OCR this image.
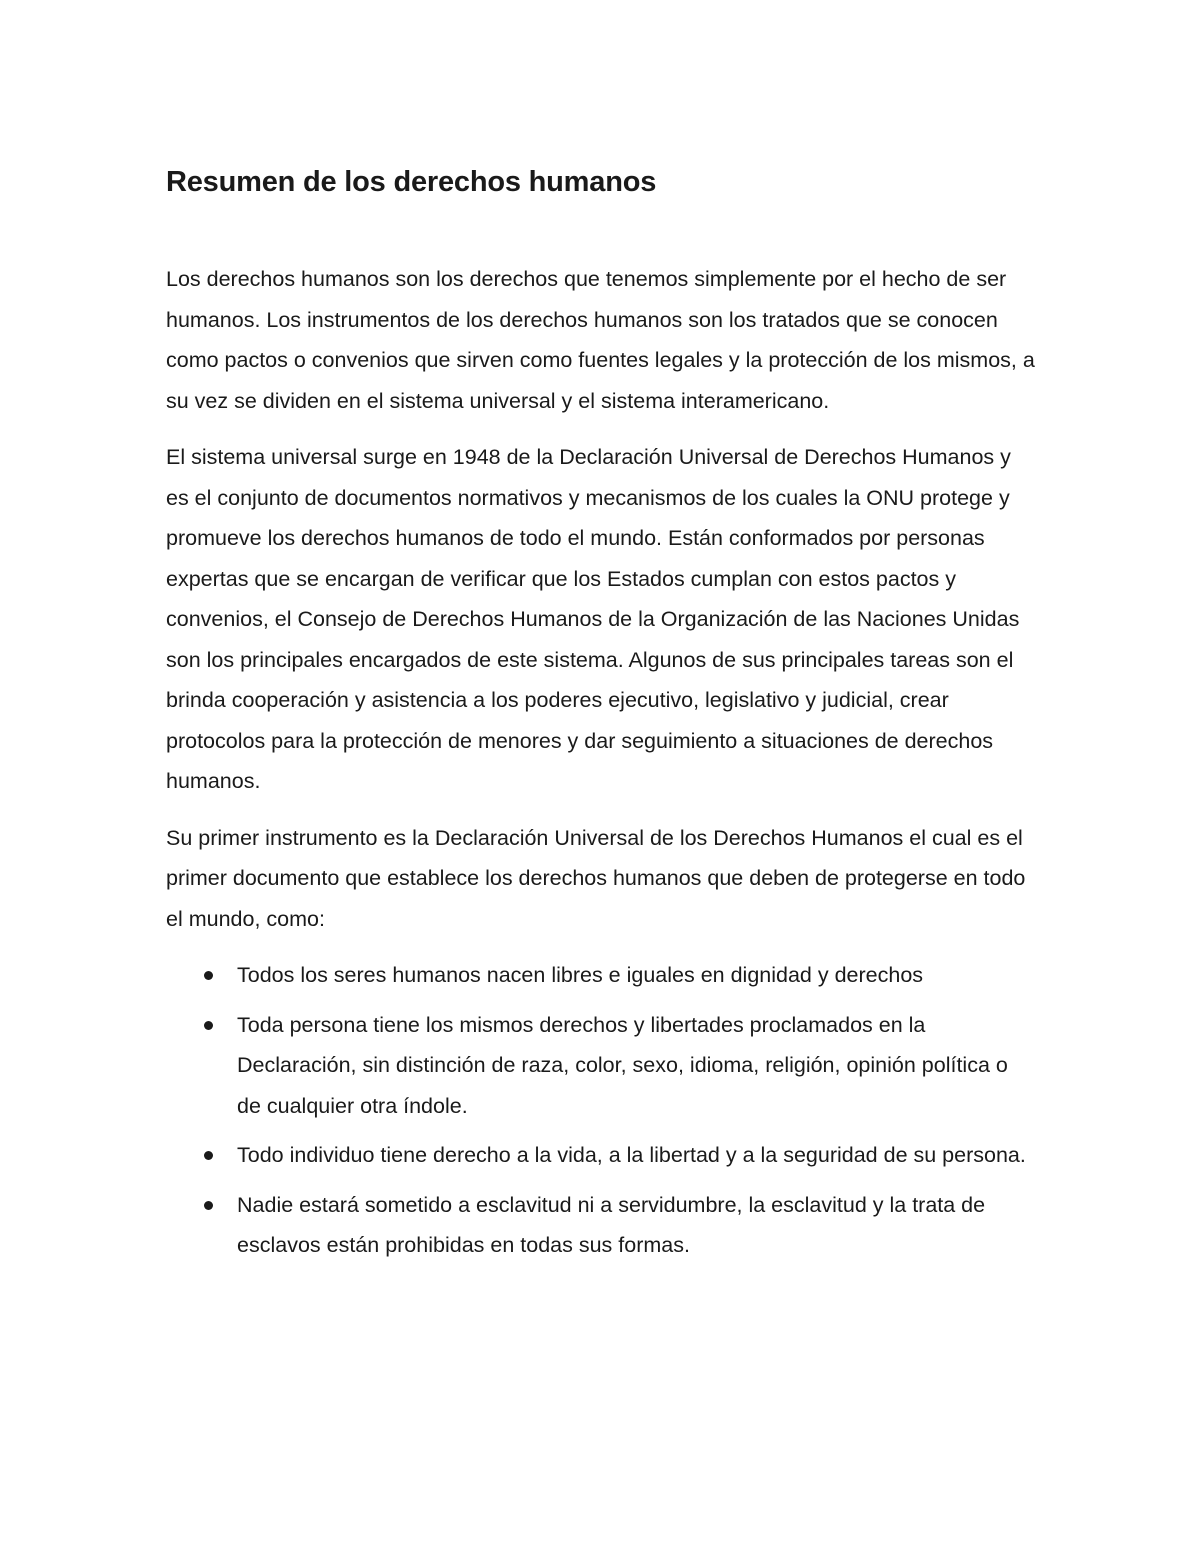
Resumen de los derechos humanos

Los derechos humanos son los derechos que tenemos simplemente por el hecho de ser humanos. Los instrumentos de los derechos humanos son los tratados que se conocen como pactos o convenios que sirven como fuentes legales y la protección de los mismos, a su vez se dividen en el sistema universal y el sistema interamericano.

El sistema universal surge en 1948 de la Declaración Universal de Derechos Humanos y es el conjunto de documentos normativos y mecanismos de los cuales la ONU protege y promueve los derechos humanos de todo el mundo. Están conformados por personas expertas que se encargan de verificar que los Estados cumplan con estos pactos y convenios, el Consejo de Derechos Humanos de la Organización de las Naciones Unidas son los principales encargados de este sistema. Algunos de sus principales tareas son el brinda cooperación y asistencia a los poderes ejecutivo, legislativo y judicial, crear protocolos para la protección de menores y dar seguimiento a situaciones de derechos humanos.

Su primer instrumento es la Declaración Universal de los Derechos Humanos el cual es el primer documento que establece los derechos humanos que deben de protegerse en todo el mundo, como:

Todos los seres humanos nacen libres e iguales en dignidad y derechos
Toda persona tiene los mismos derechos y libertades proclamados en la Declaración, sin distinción de raza, color, sexo, idioma, religión, opinión política o de cualquier otra índole.
Todo individuo tiene derecho a la vida, a la libertad y a la seguridad de su persona.
Nadie estará sometido a esclavitud ni a servidumbre, la esclavitud y la trata de esclavos están prohibidas en todas sus formas.
